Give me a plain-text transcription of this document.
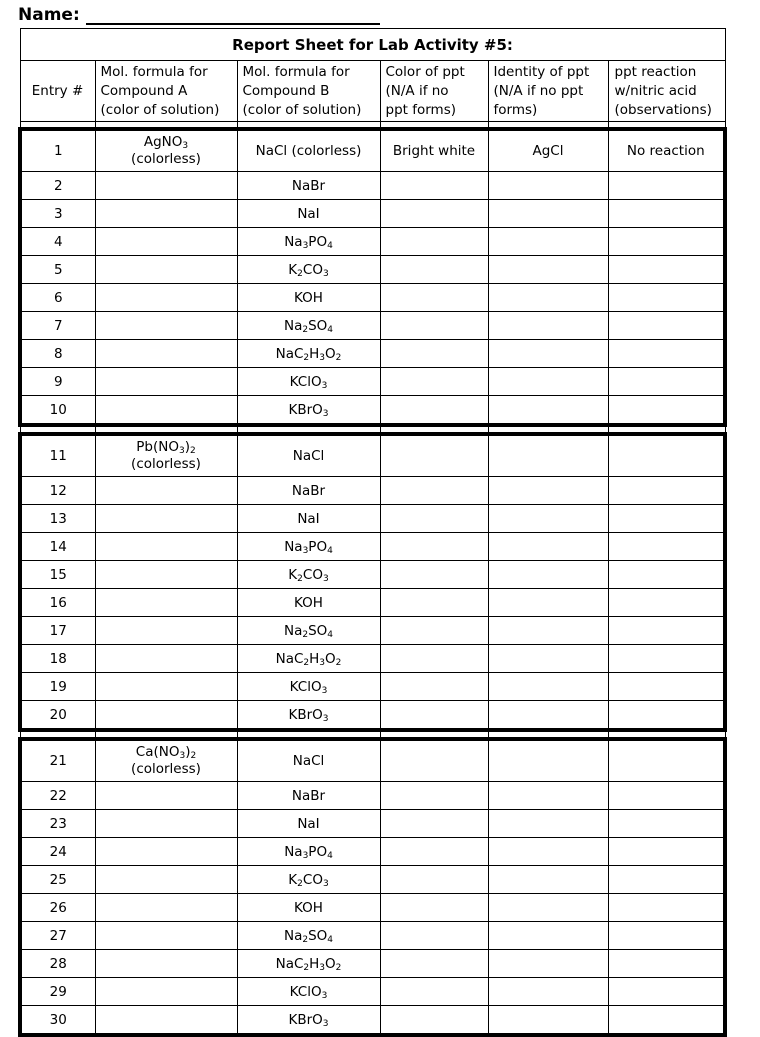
Name:
Report Sheet for Lab Activity #5:					
Entry #	Mol. formula for
Compound A
(color of solution)	Mol. formula for
Compound B
(color of solution)	Color of ppt
(N/A if no
ppt forms)	Identity of ppt
(N/A if no ppt
forms)	ppt reaction
w/nitric acid
(observations)

1	AgNO$_3$
(colorless)	NaCl (colorless)	Bright white	AgCl	No reaction
2		NaBr			
3		NaI			
4		$Na_3PO_4$			
5		$K_2CO_3$			
6		KOH			
7		$Na_2SO_4$			
8		$NaC_2H_3O_2$			
9		KClO$_3$			
10		KBrO$_3$			

11	$Pb(NO_3)_2$
(colorless)	NaCl			
12		NaBr			
13		NaI			
14		$Na_3PO_4$			
15		$K_2CO_3$			
16		KOH			
17		$Na_2SO_4$			
18		$NaC_2H_3O_2$			
19		KClO$_3$			
20		KBrO$_3$			

21	$Ca(NO_3)_2$
(colorless)	NaCl			
22		NaBr			
23		NaI			
24		$Na_3PO_4$			
25		$K_2CO_3$			
26		KOH			
27		$Na_2SO_4$			
28		$NaC_2H_3O_2$			
29		KClO$_3$			
30		KBrO$_3$			
